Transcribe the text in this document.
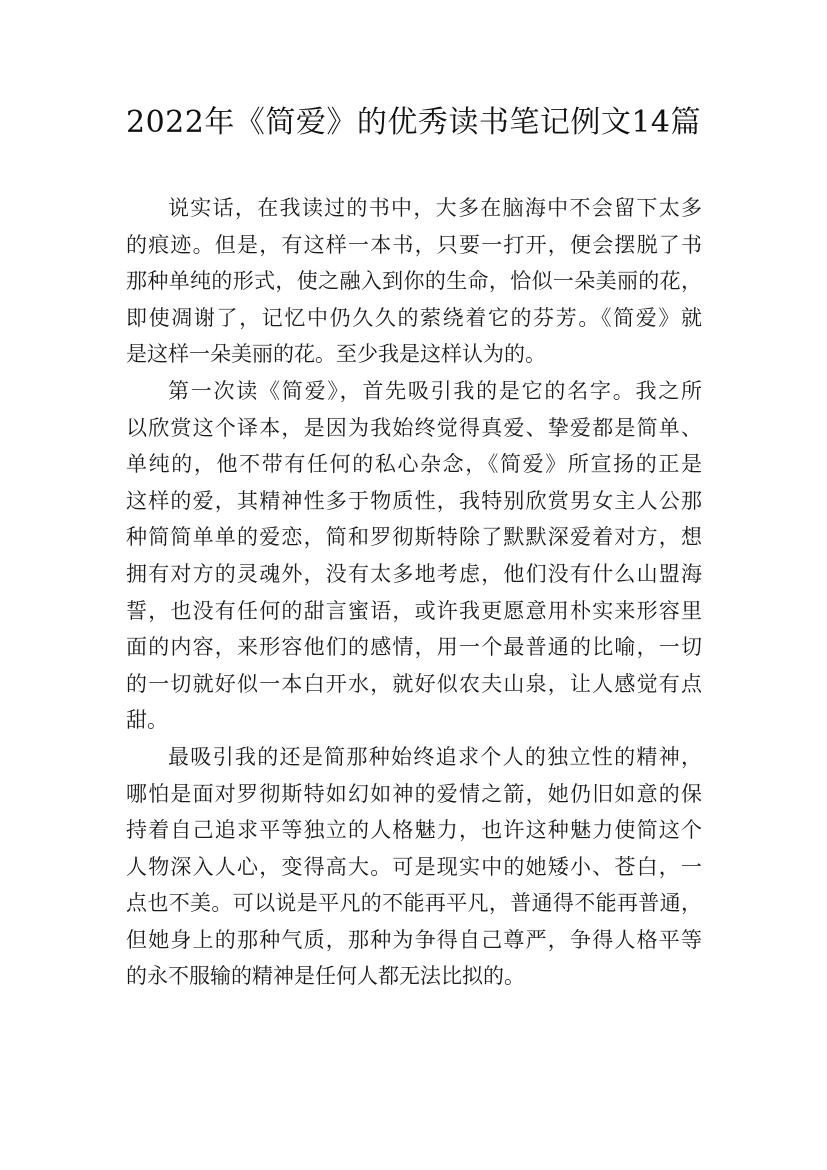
2022年《简爱》的优秀读书笔记例文14篇

说实话，在我读过的书中，大多在脑海中不会留下太多
的痕迹。但是，有这样一本书，只要一打开，便会摆脱了书
那种单纯的形式，使之融入到你的生命，恰似一朵美丽的花，
即使凋谢了，记忆中仍久久的萦绕着它的芬芳。《简爱》就
是这样一朵美丽的花。至少我是这样认为的。

第一次读《简爱》，首先吸引我的是它的名字。我之所
以欣赏这个译本，是因为我始终觉得真爱、挚爱都是简单、
单纯的，他不带有任何的私心杂念，《简爱》所宣扬的正是
这样的爱，其精神性多于物质性，我特别欣赏男女主人公那
种简简单单的爱恋，简和罗彻斯特除了默默深爱着对方，想
拥有对方的灵魂外，没有太多地考虑，他们没有什么山盟海
誓，也没有任何的甜言蜜语，或许我更愿意用朴实来形容里
面的内容，来形容他们的感情，用一个最普通的比喻，一切
的一切就好似一本白开水，就好似农夫山泉，让人感觉有点
甜。

最吸引我的还是简那种始终追求个人的独立性的精神，
哪怕是面对罗彻斯特如幻如神的爱情之箭，她仍旧如意的保
持着自己追求平等独立的人格魅力，也许这种魅力使简这个
人物深入人心，变得高大。可是现实中的她矮小、苍白，一
点也不美。可以说是平凡的不能再平凡，普通得不能再普通，
但她身上的那种气质，那种为争得自己尊严，争得人格平等
的永不服输的精神是任何人都无法比拟的。
